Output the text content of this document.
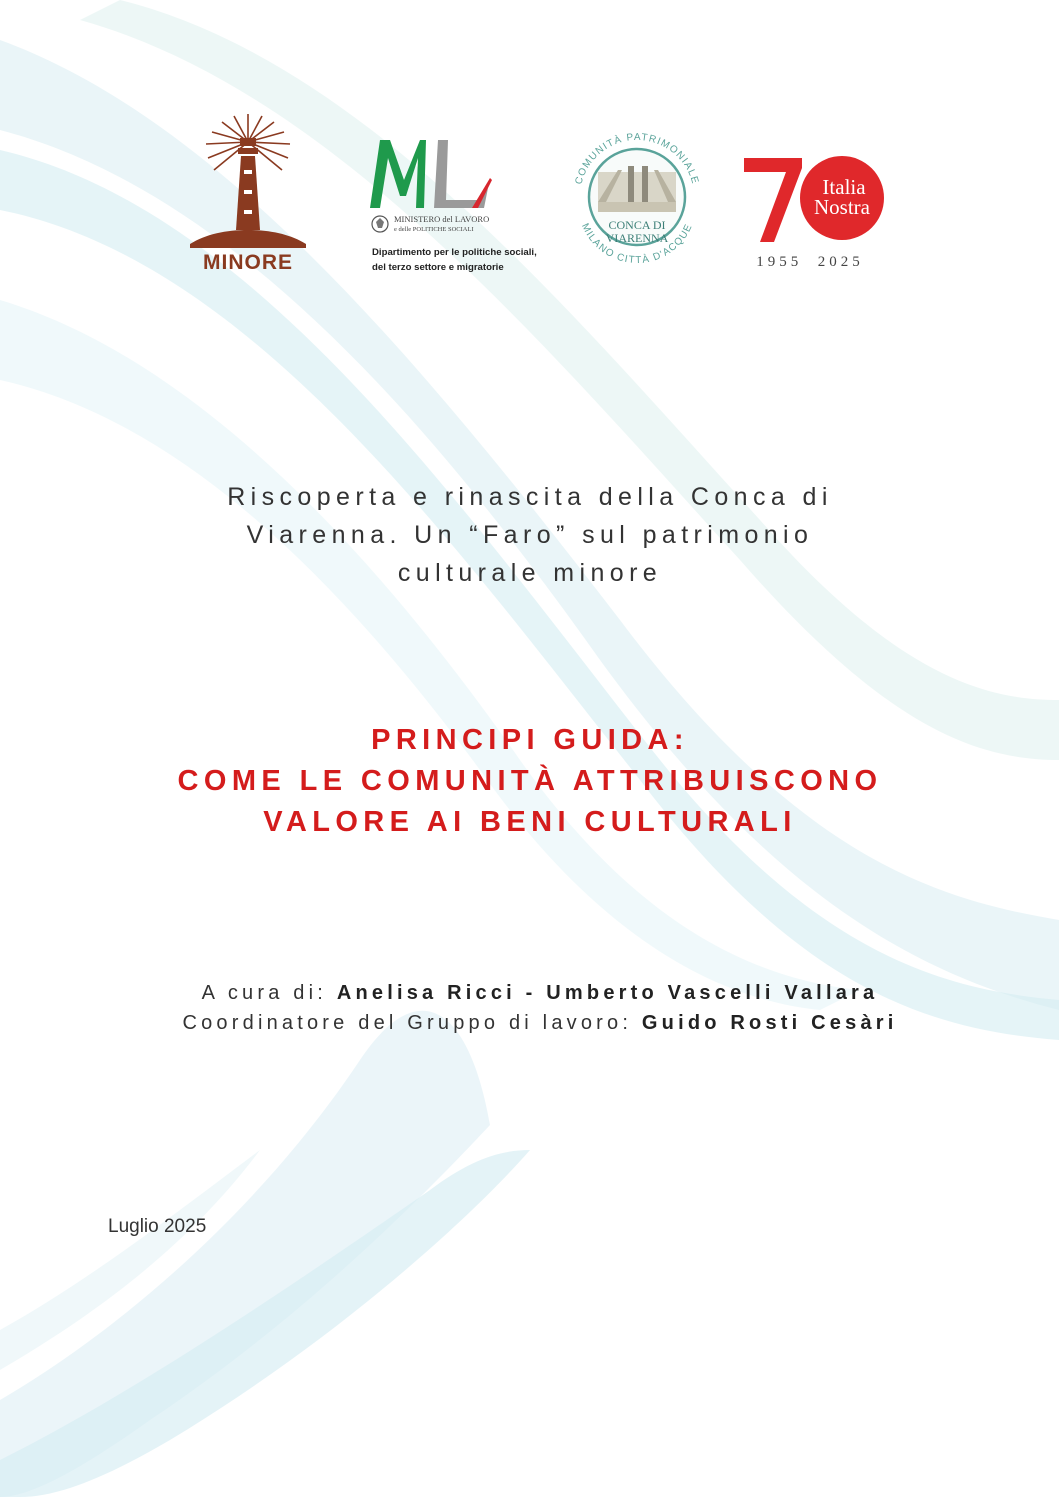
MINORE
MINISTERO del LAVORO
e delle POLITICHE SOCIALI
Dipartimento per le politiche sociali,
del terzo settore e migratorie
COMUNITÀ PATRIMONIALE
MILANO CITTÀ D'ACQUE
CONCA DI
VIARENNA
Italia
Nostra
1955  2025
Riscoperta e rinascita della Conca di
Viarenna. Un “Faro” sul patrimonio
culturale minore
PRINCIPI GUIDA:
COME LE COMUNITÀ ATTRIBUISCONO
VALORE AI BENI CULTURALI
A cura di: Anelisa Ricci - Umberto Vascelli Vallara
Coordinatore del Gruppo di lavoro: Guido Rosti Cesàri
Luglio 2025
